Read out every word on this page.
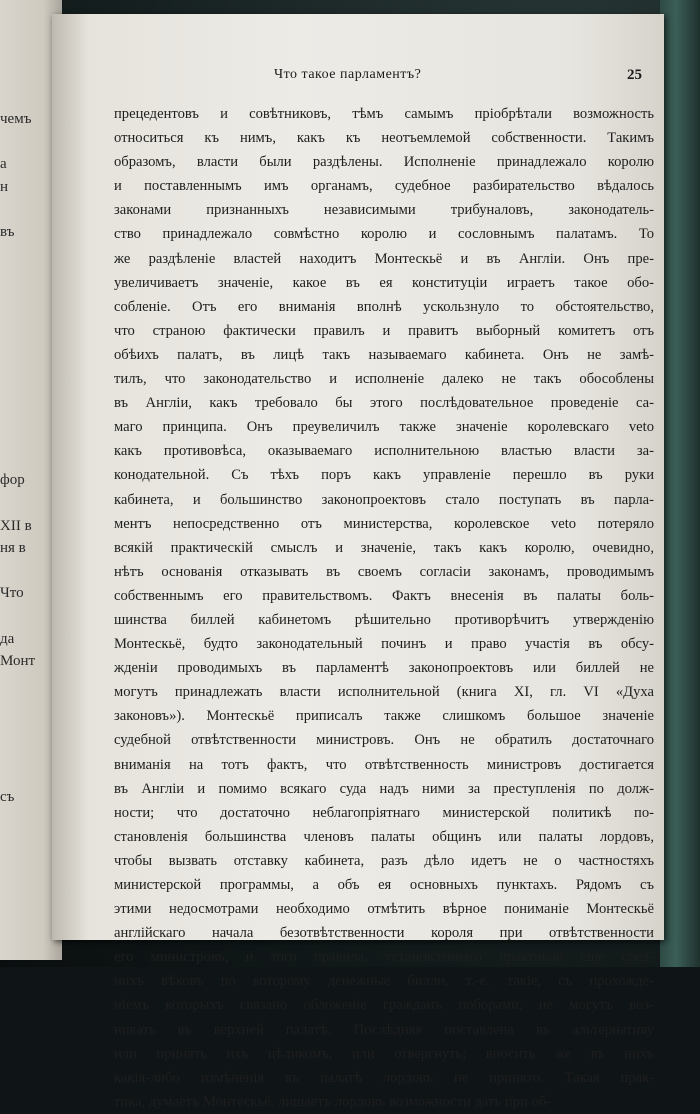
чемъ
а
н
въ
фор
XII в
ня в
Что
да
Монт
съ
Что такое парламентъ?	25
прецедентовъ и совѣтниковъ, тѣмъ самымъ пріобрѣтали возможность
относиться къ нимъ, какъ къ неотъемлемой собственности. Такимъ
образомъ, власти были раздѣлены. Исполненіе принадлежало королю
и поставленнымъ имъ органамъ, судебное разбирательство вѣдалось
законами признанныхъ независимыми трибуналовъ, законодатель-
ство принадлежало совмѣстно королю и сословнымъ палатамъ. То
же раздѣленіе властей находитъ Монтескьё и въ Англіи. Онъ пре-
увеличиваетъ значеніе, какое въ ея конституціи играетъ такое обо-
собленіе. Отъ его вниманія вполнѣ ускользнуло то обстоятельство,
что страною фактически правилъ и правитъ выборный комитетъ отъ
обѣихъ палатъ, въ лицѣ такъ называемаго кабинета. Онъ не замѣ-
тилъ, что законодательство и исполненіе далеко не такъ обособлены
въ Англіи, какъ требовало бы этого послѣдовательное проведеніе са-
маго принципа. Онъ преувеличилъ также значеніе королевскаго veto
какъ противовѣса, оказываемаго исполнительною властью власти за-
конодательной. Съ тѣхъ поръ какъ управленіе перешло въ руки
кабинета, и большинство законопроектовъ стало поступать въ парла-
ментъ непосредственно отъ министерства, королевское veto потеряло
всякій практическій смыслъ и значеніе, такъ какъ королю, очевидно,
нѣтъ основанія отказывать въ своемъ согласіи законамъ, проводимымъ
собственнымъ его правительствомъ. Фактъ внесенія въ палаты боль-
шинства биллей кабинетомъ рѣшительно противорѣчитъ утвержденію
Монтескьё, будто законодательный починъ и право участія въ обсу-
жденіи проводимыхъ въ парламентѣ законопроектовъ или биллей не
могутъ принадлежать власти исполнительной (книга XI, гл. VI «Духа
законовъ»). Монтескьё приписалъ также слишкомъ большое значеніе
судебной отвѣтственности министровъ. Онъ не обратилъ достаточнаго
вниманія на тотъ фактъ, что отвѣтственность министровъ достигается
въ Англіи и помимо всякаго суда надъ ними за преступленія по долж-
ности; что достаточно неблагопріятнаго министерской политикѣ по-
становленія большинства членовъ палаты общинъ или палаты лордовъ,
чтобы вызвать отставку кабинета, разъ дѣло идетъ не о частностяхъ
министерской программы, а объ ея основныхъ пунктахъ. Рядомъ съ
этими недосмотрами необходимо отмѣтить вѣрное пониманіе Монтескьё
англійскаго начала безотвѣтственности короля при отвѣтственности
его министровъ, и того правила, установленнаго практикой еще сред-
нихъ вѣковъ по которому денежные билли, т.-е. такіе, съ прохожде-
ніемъ которыхъ связано обложеніе гражданъ поборами, не могутъ воз-
никать въ верхней палатѣ. Послѣдняя поставлена въ альтернативу
или принять ихъ цѣликомъ, или отвергнуть; вносить же въ нихъ
какія-либо измѣненія въ палатѣ лордовъ не принято. Такая прак-
тика, думаетъ Монтескьё, лишаетъ лордовъ возможности дать при об-
